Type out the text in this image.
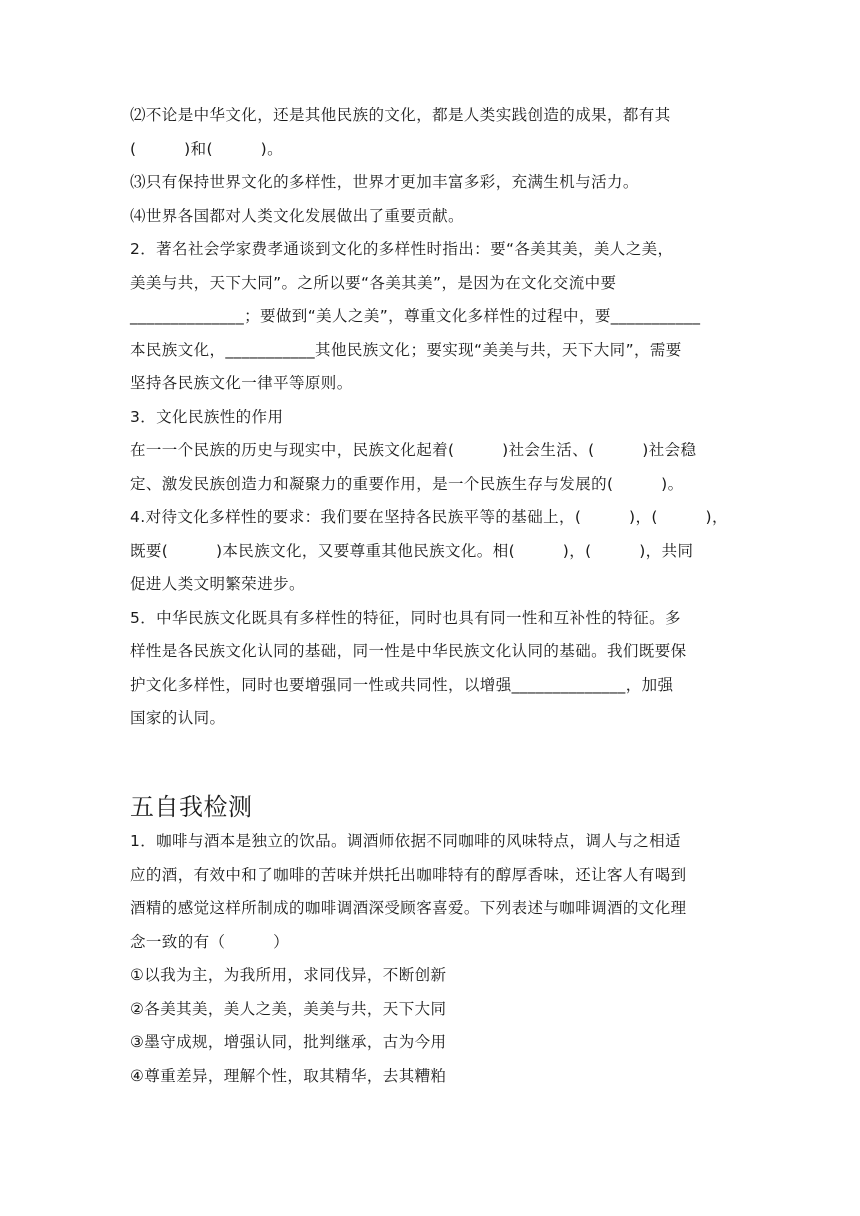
⑵不论是中华文化，还是其他民族的文化，都是人类实践创造的成果，都有其
(　　　)和(　　　)。
⑶只有保持世界文化的多样性，世界才更加丰富多彩，充满生机与活力。
⑷世界各国都对人类文化发展做出了重要贡献。
2．著名社会学家费孝通谈到文化的多样性时指出：要“各美其美，美人之美，
美美与共，天下大同”。之所以要“各美其美”，是因为在文化交流中要
______________；要做到“美人之美”，尊重文化多样性的过程中，要___________
本民族文化，___________其他民族文化；要实现“美美与共，天下大同”，需要
坚持各民族文化一律平等原则。
3．文化民族性的作用
在一一个民族的历史与现实中，民族文化起着(　　　)社会生活、(　　　)社会稳
定、激发民族创造力和凝聚力的重要作用，是一个民族生存与发展的(　　　)。
4.对待文化多样性的要求：我们要在坚持各民族平等的基础上，(　　　)，(　　　)，
既要(　　　)本民族文化，又要尊重其他民族文化。相(　　　)，(　　　)，共同
促进人类文明繁荣进步。
5．中华民族文化既具有多样性的特征，同时也具有同一性和互补性的特征。多
样性是各民族文化认同的基础，同一性是中华民族文化认同的基础。我们既要保
护文化多样性，同时也要增强同一性或共同性，以增强______________，加强
国家的认同。
五自我检测
1．咖啡与酒本是独立的饮品。调酒师依据不同咖啡的风味特点，调人与之相适
应的酒，有效中和了咖啡的苦味并烘托出咖啡特有的醇厚香味，还让客人有喝到
酒精的感觉这样所制成的咖啡调酒深受顾客喜爱。下列表述与咖啡调酒的文化理
念一致的有（　　　）
①以我为主，为我所用，求同伐异，不断创新
②各美其美，美人之美，美美与共，天下大同
③墨守成规，增强认同，批判继承，古为今用
④尊重差异，理解个性，取其精华，去其糟粕
